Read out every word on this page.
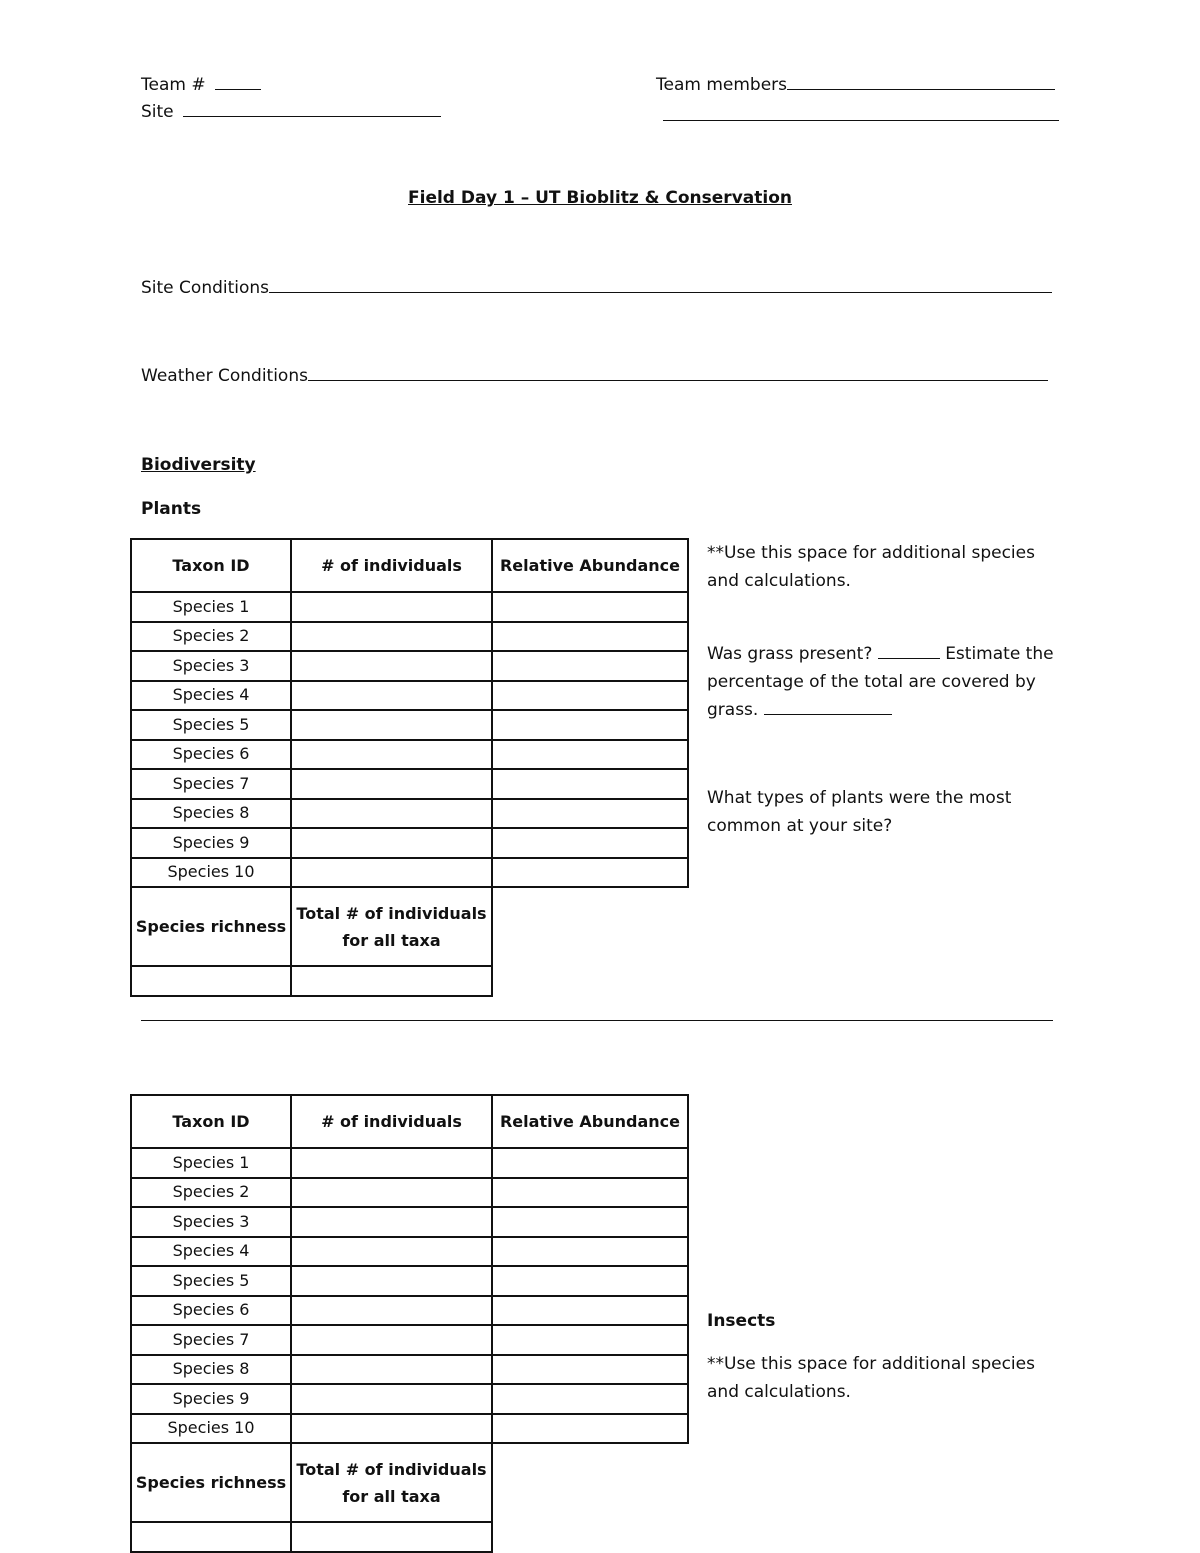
Team #
Site
Team members
Field Day 1 – UT Bioblitz & Conservation
Site Conditions
Weather Conditions
Biodiversity
Plants
Taxon ID	# of individuals	Relative Abundance
Species 1		
Species 2		
Species 3		
Species 4		
Species 5		
Species 6		
Species 7		
Species 8		
Species 9		
Species 10		
Species richness	Total # of individuals for all taxa	

**Use this space for additional species and calculations.
Was grass present?	Estimate the percentage of the total are covered by grass.
What types of plants were the most common at your site?
Taxon ID	# of individuals	Relative Abundance
Species 1		
Species 2		
Species 3		
Species 4		
Species 5		
Species 6		
Species 7		
Species 8		
Species 9		
Species 10		
Species richness	Total # of individuals for all taxa	

Insects
**Use this space for additional species and calculations.
